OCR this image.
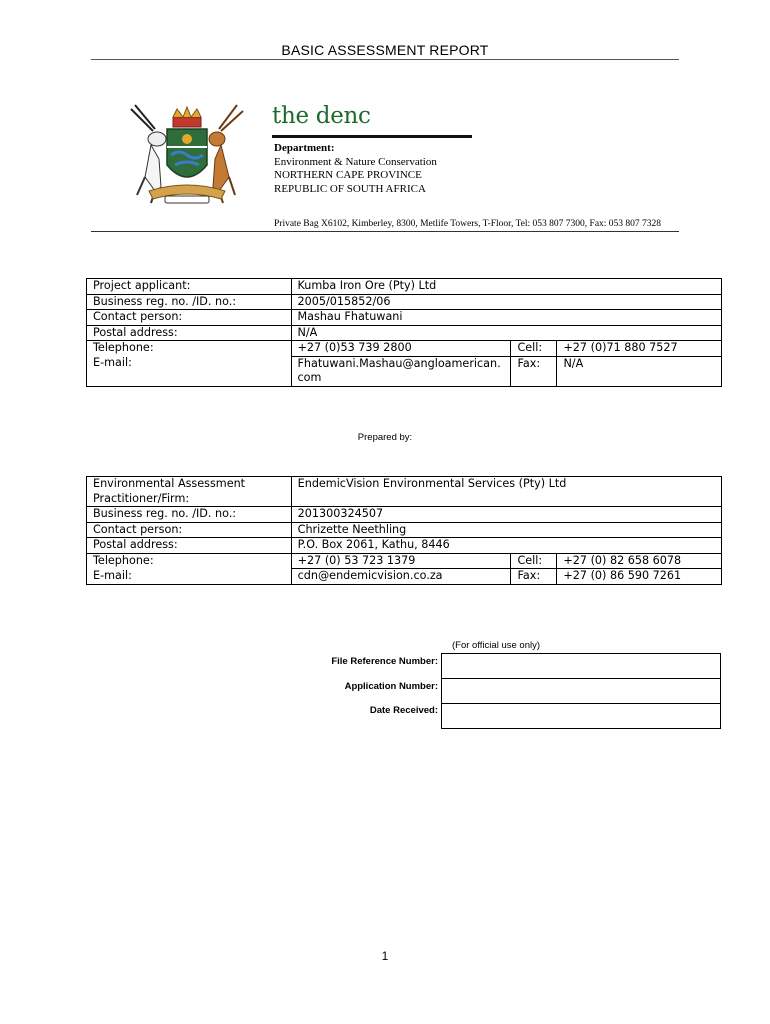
BASIC ASSESSMENT REPORT
the denc
Department:
Environment & Nature Conservation
NORTHERN CAPE PROVINCE
REPUBLIC OF SOUTH AFRICA
Private Bag X6102, Kimberley, 8300, Metlife Towers, T-Floor, Tel: 053 807 7300, Fax: 053 807 7328
Project applicant:	Kumba Iron Ore (Pty) Ltd		
Business reg. no. /ID. no.:	2005/015852/06		
Contact person:	Mashau Fhatuwani		
Postal address:	N/A		
Telephone:	+27 (0)53 739 2800	Cell:	+27 (0)71 880 7527
E-mail:	Fhatuwani.Mashau@angloamerican.
com	Fax:	N/A
Prepared by:
Environmental Assessment
Practitioner/Firm:	EndemicVision Environmental Services (Pty) Ltd		
Business reg. no. /ID. no.:	201300324507		
Contact person:	Chrizette Neethling		
Postal address:	P.O. Box 2061, Kathu, 8446		
Telephone:	+27 (0) 53 723 1379	Cell:	+27 (0) 82 658 6078
E-mail:	cdn@endemicvision.co.za	Fax:	+27 (0) 86 590 7261
(For official use only)
File Reference Number:
Application Number:
Date Received:
1
